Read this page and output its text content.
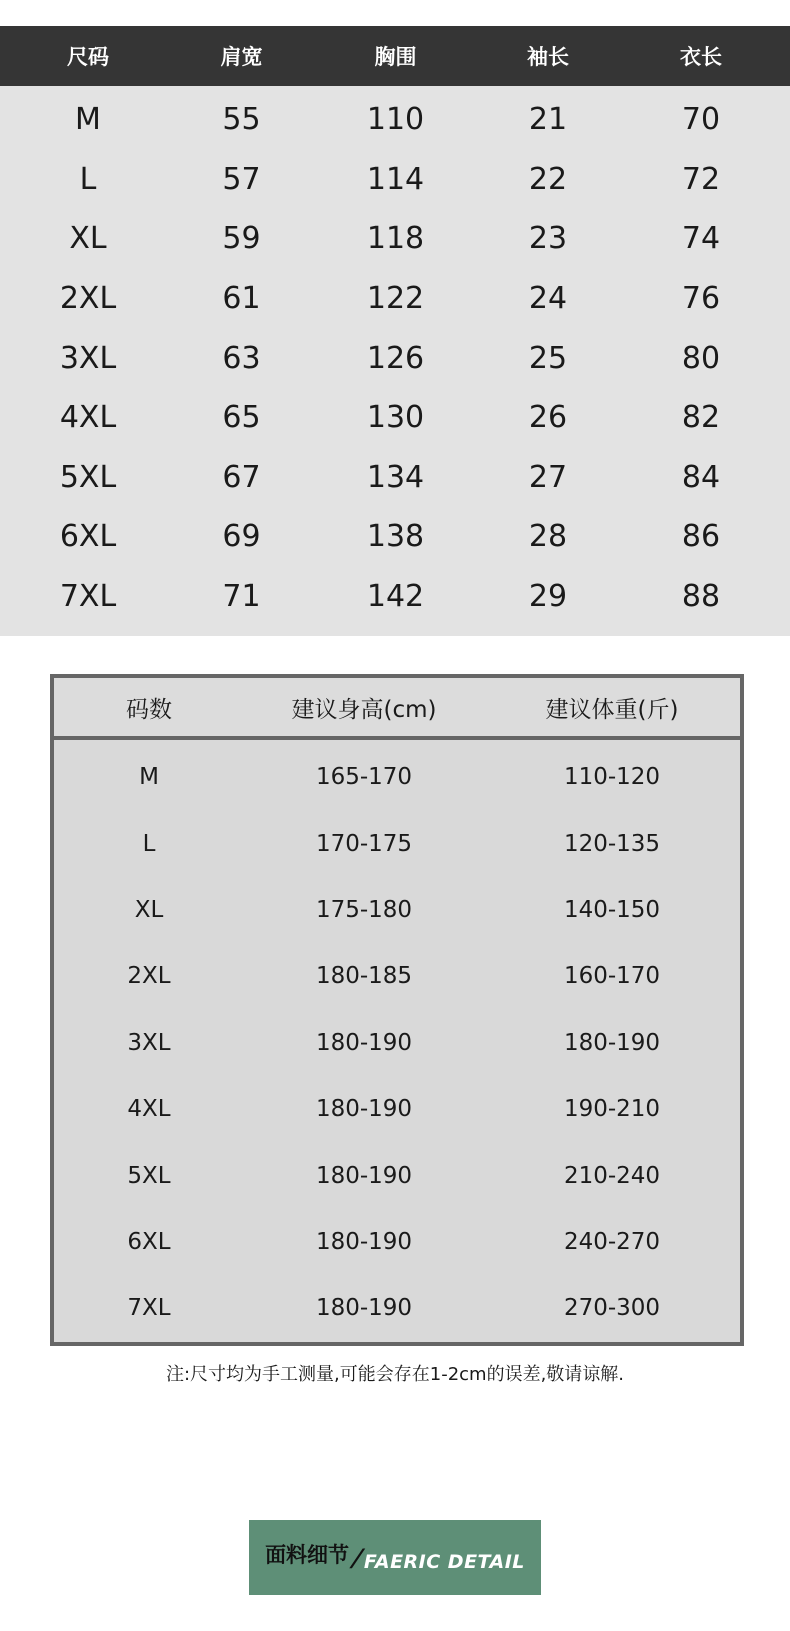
尺码	肩宽	胸围	袖长	衣长
M	55	110	21	70
L	57	114	22	72
XL	59	118	23	74
2XL	61	122	24	76
3XL	63	126	25	80
4XL	65	130	26	82
5XL	67	134	27	84
6XL	69	138	28	86
7XL	71	142	29	88
码数	建议身高(cm)	建议体重(斤)
M	165-170	110-120
L	170-175	120-135
XL	175-180	140-150
2XL	180-185	160-170
3XL	180-190	180-190
4XL	180-190	190-210
5XL	180-190	210-240
6XL	180-190	240-270
7XL	180-190	270-300
注:尺寸均为手工测量,可能会存在1-2cm的误差,敬请谅解.
面料细节
/
FAERIC DETAIL
